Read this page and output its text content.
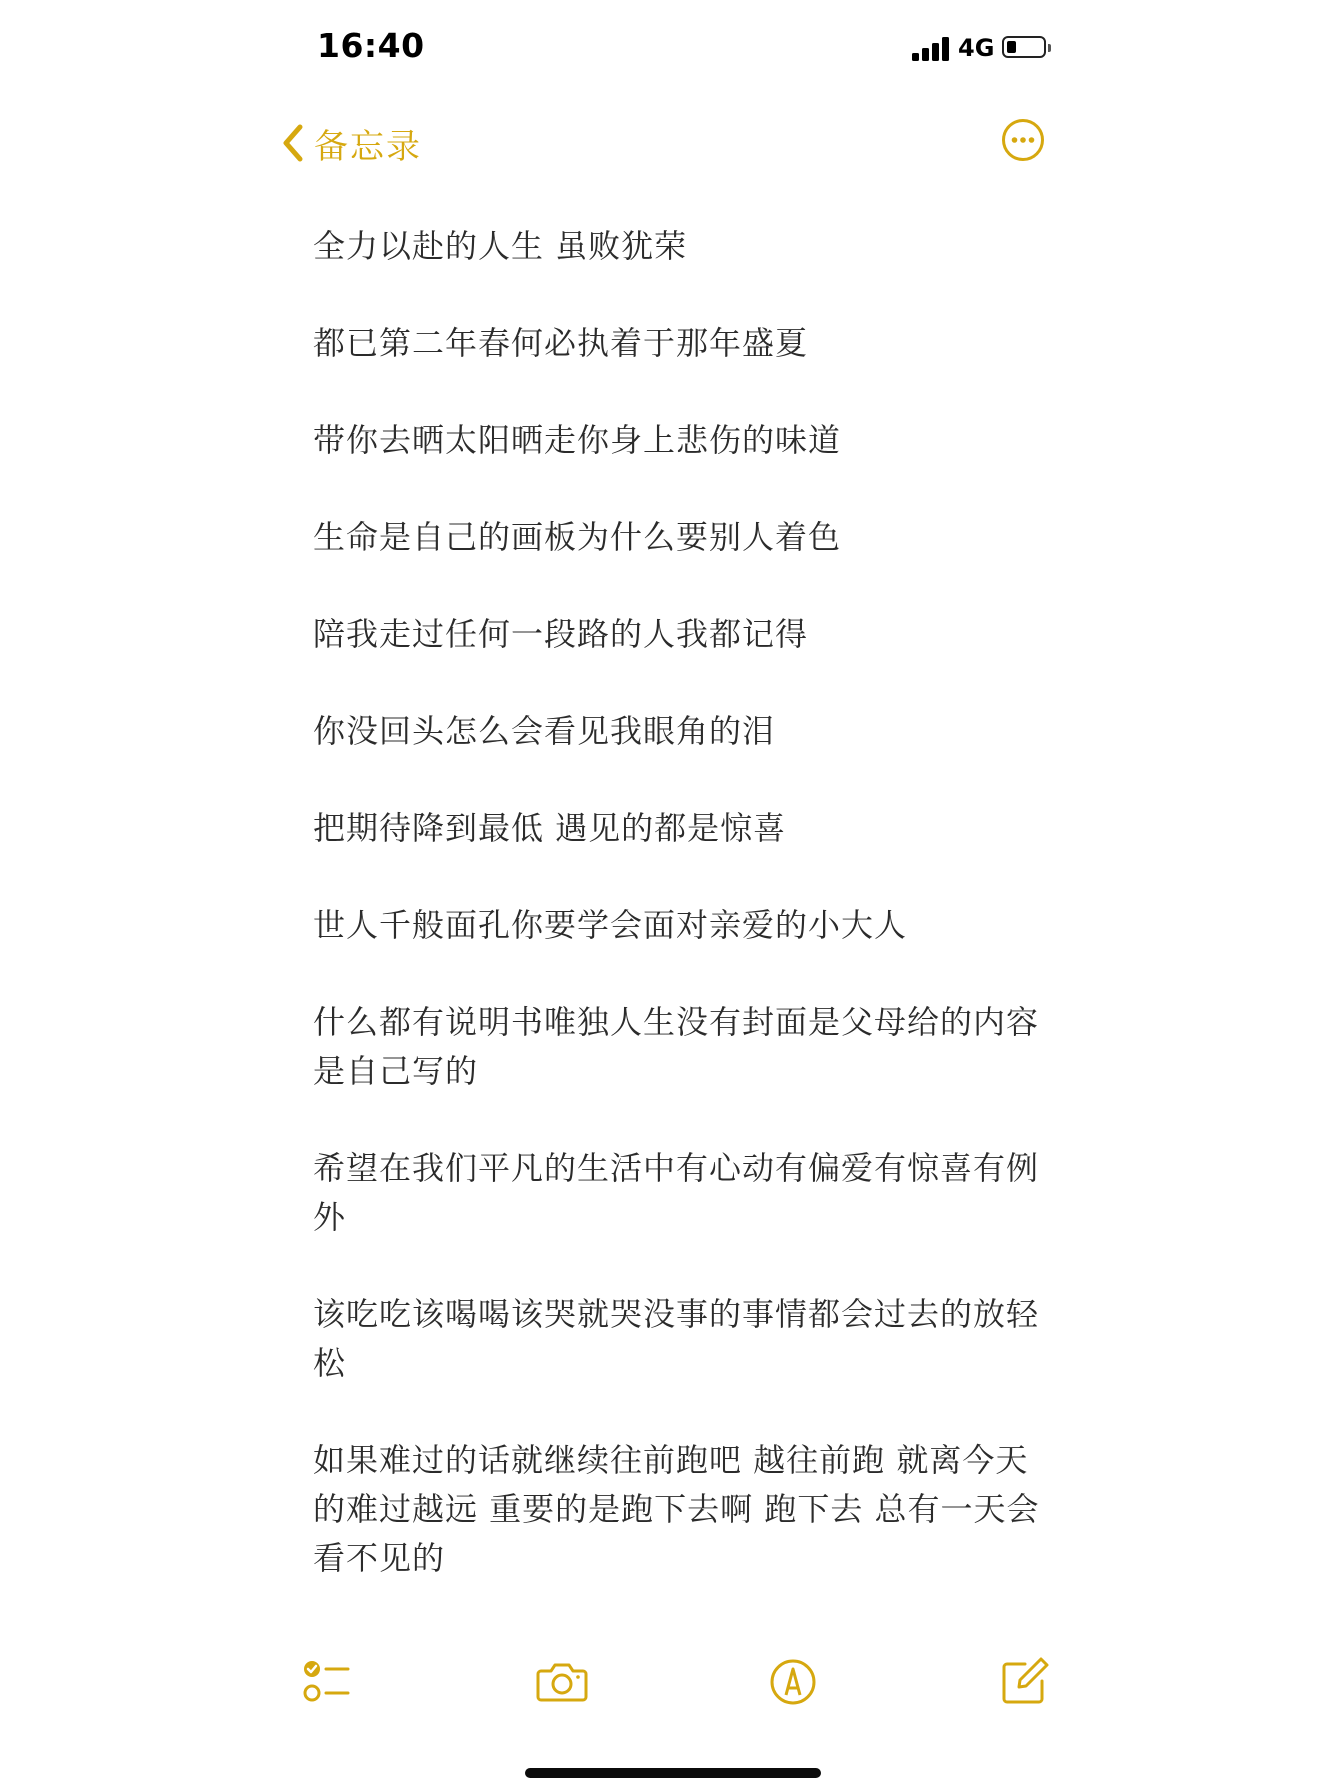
16:40	4G
备忘录

全力以赴的人生 虽败犹荣

都已第二年春何必执着于那年盛夏

带你去晒太阳晒走你身上悲伤的味道

生命是自己的画板为什么要别人着色

陪我走过任何一段路的人我都记得

你没回头怎么会看见我眼角的泪

把期待降到最低 遇见的都是惊喜

世人千般面孔你要学会面对亲爱的小大人

什么都有说明书唯独人生没有封面是父母给的内容是自己写的

希望在我们平凡的生活中有心动有偏爱有惊喜有例外

该吃吃该喝喝该哭就哭没事的事情都会过去的放轻松

如果难过的话就继续往前跑吧 越往前跑 就离今天的难过越远 重要的是跑下去啊 跑下去 总有一天会看不见的
